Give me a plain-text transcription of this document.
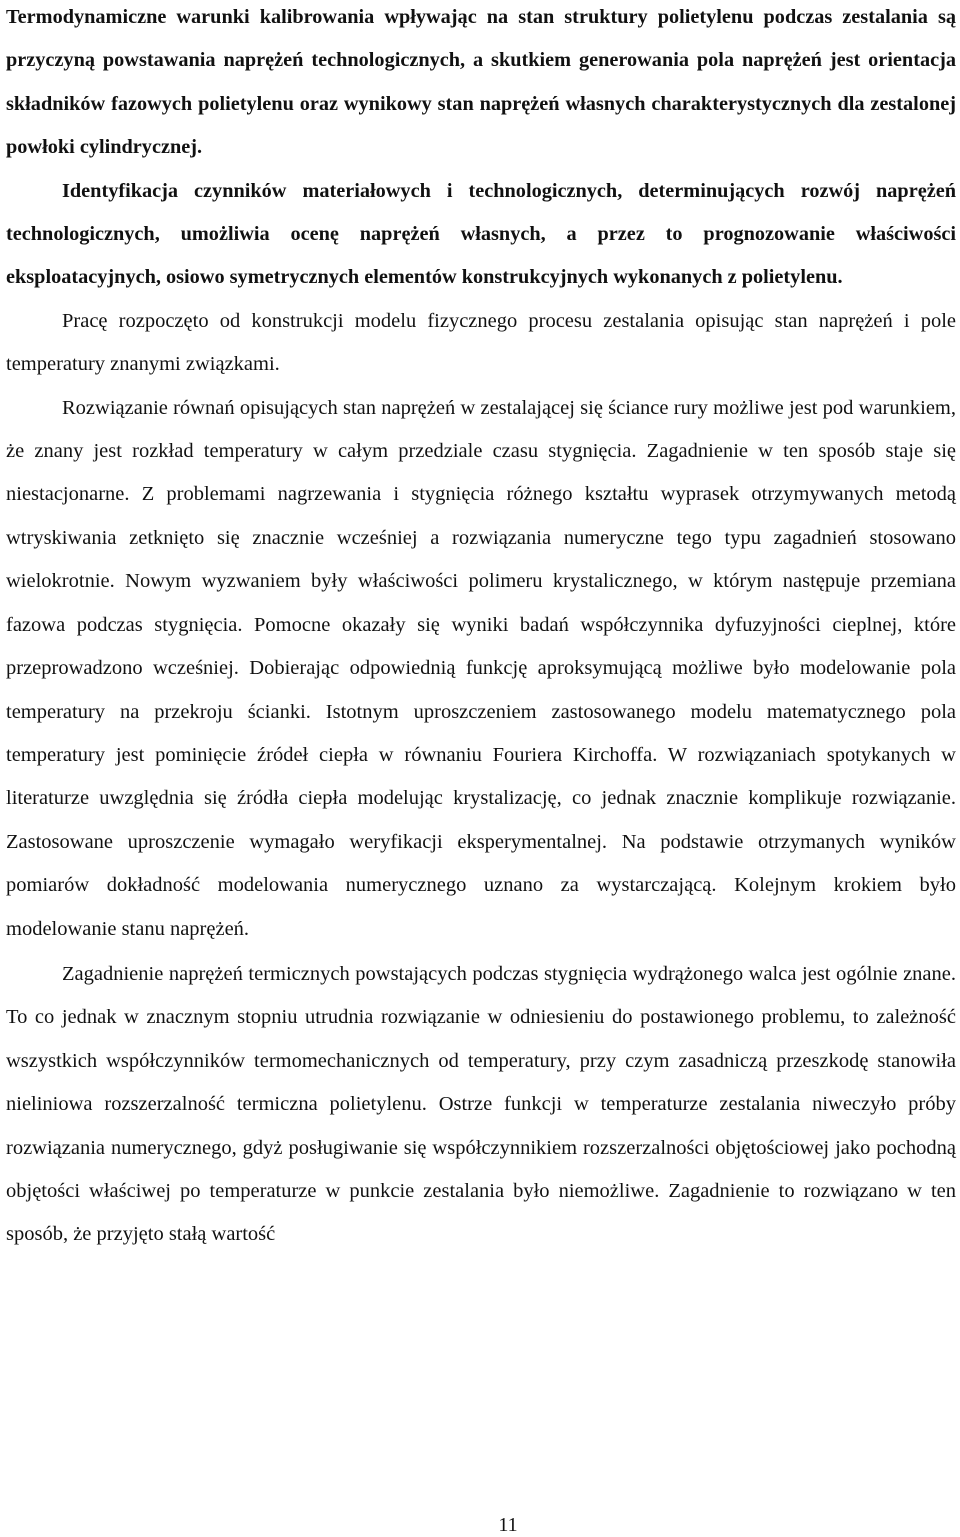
Termodynamiczne warunki kalibrowania wpływając na stan struktury polietylenu podczas zestalania są przyczyną powstawania naprężeń technologicznych, a skutkiem generowania pola naprężeń jest orientacja składników fazowych polietylenu oraz wynikowy stan naprężeń własnych charakterystycznych dla zestalonej powłoki cylindrycznej.

Identyfikacja czynników materiałowych i technologicznych, determinujących rozwój naprężeń technologicznych, umożliwia ocenę naprężeń własnych, a przez to prognozowanie właściwości eksploatacyjnych, osiowo symetrycznych elementów konstrukcyjnych wykonanych z polietylenu.

Pracę rozpoczęto od konstrukcji modelu fizycznego procesu zestalania opisując stan naprężeń i pole temperatury znanymi związkami.

Rozwiązanie równań opisujących stan naprężeń w zestalającej się ściance rury możliwe jest pod warunkiem, że znany jest rozkład temperatury w całym przedziale czasu stygnięcia. Zagadnienie w ten sposób staje się niestacjonarne. Z problemami nagrzewania i stygnięcia różnego kształtu wyprasek otrzymywanych metodą wtryskiwania zetknięto się znacznie wcześniej a rozwiązania numeryczne tego typu zagadnień stosowano wielokrotnie. Nowym wyzwaniem były właściwości polimeru krystalicznego, w którym następuje przemiana fazowa podczas stygnięcia. Pomocne okazały się wyniki badań współczynnika dyfuzyjności cieplnej, które przeprowadzono wcześniej. Dobierając odpowiednią funkcję aproksymującą możliwe było modelowanie pola temperatury na przekroju ścianki. Istotnym uproszczeniem zastosowanego modelu matematycznego pola temperatury jest pominięcie źródeł ciepła w równaniu Fouriera Kirchoffa. W rozwiązaniach spotykanych w literaturze uwzględnia się źródła ciepła modelując krystalizację, co jednak znacznie komplikuje rozwiązanie. Zastosowane uproszczenie wymagało weryfikacji eksperymentalnej. Na podstawie otrzymanych wyników pomiarów dokładność modelowania numerycznego uznano za wystarczającą. Kolejnym krokiem było modelowanie stanu naprężeń.

Zagadnienie naprężeń termicznych powstających podczas stygnięcia wydrążonego walca jest ogólnie znane. To co jednak w znacznym stopniu utrudnia rozwiązanie w odniesieniu do postawionego problemu, to zależność wszystkich współczynników termomechanicznych od temperatury, przy czym zasadniczą przeszkodę stanowiła nieliniowa rozszerzalność termiczna polietylenu. Ostrze funkcji w temperaturze zestalania niweczyło próby rozwiązania numerycznego, gdyż posługiwanie się współczynnikiem rozszerzalności objętościowej jako pochodną objętości właściwej po temperaturze w punkcie zestalania było niemożliwe. Zagadnienie to rozwiązano w ten sposób, że przyjęto stałą wartość

11
